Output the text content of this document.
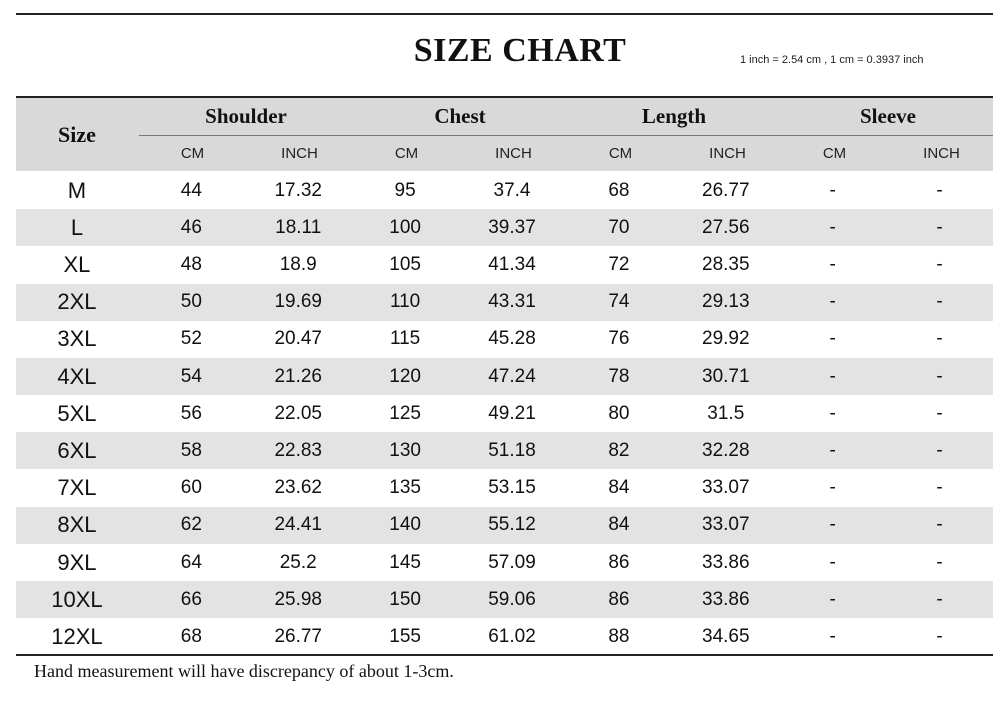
SIZE CHART	1 inch = 2.54 cm , 1 cm = 0.3937 inch
Size
Shoulder	Chest	Length	Sleeve
CM	INCH	CM	INCH	CM	INCH	CM	INCH
M	44	17.32	95	37.4	68	26.77	-	-
L	46	18.11	100	39.37	70	27.56	-	-
XL	48	18.9	105	41.34	72	28.35	-	-
2XL	50	19.69	110	43.31	74	29.13	-	-
3XL	52	20.47	115	45.28	76	29.92	-	-
4XL	54	21.26	120	47.24	78	30.71	-	-
5XL	56	22.05	125	49.21	80	31.5	-	-
6XL	58	22.83	130	51.18	82	32.28	-	-
7XL	60	23.62	135	53.15	84	33.07	-	-
8XL	62	24.41	140	55.12	84	33.07	-	-
9XL	64	25.2	145	57.09	86	33.86	-	-
10XL	66	25.98	150	59.06	86	33.86	-	-
12XL	68	26.77	155	61.02	88	34.65	-	-
Hand measurement will have discrepancy of about 1-3cm.
